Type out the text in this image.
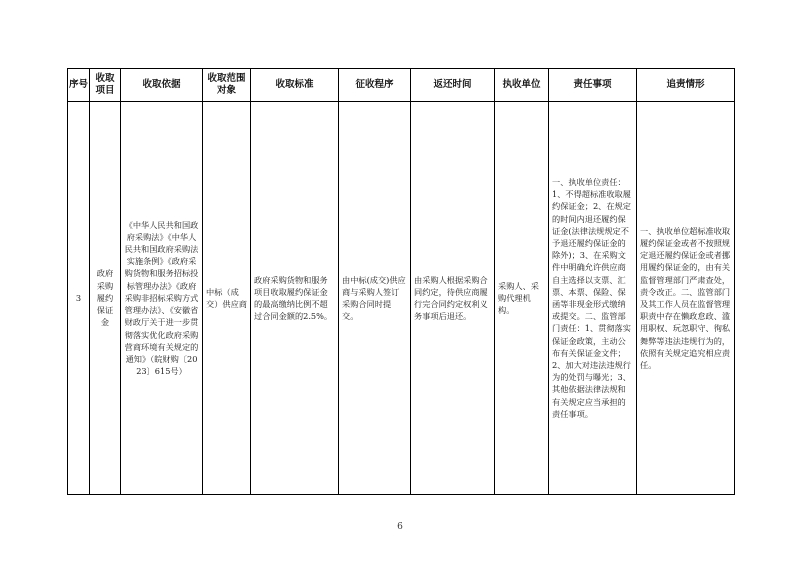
序号	收取项目	收取依据	收取范围对象	收取标准	征收程序	返还时间	执收单位	责任事项	追责情形
3	政府采购履约保证金	《中华人民共和国政府采购法》《中华人民共和国政府采购法实施条例》《政府采购货物和服务招标投标管理办法》《政府采购非招标采购方式管理办法》、《安徽省财政厅关于进一步贯彻落实优化政府采购营商环境有关规定的通知》（皖财购〔2023〕615号）	中标（成交）供应商	政府采购货物和服务项目收取履约保证金的最高缴纳比例不超过合同金额的2.5%。	由中标(成交)供应商与采购人签订采购合同时提交。	由采购人根据采购合同约定，待供应商履行完合同约定权利义务事项后退还。	采购人、采购代理机构。	一、执收单位责任：1、不得超标准收取履约保证金；2、在规定的时间内退还履约保证金(法律法规规定不予退还履约保证金的除外)；3、在采购文件中明确允许供应商自主选择以支票、汇票、本票、保险、保函等非现金形式缴纳或提交。二、监管部门责任：1、贯彻落实保证金政策，主动公布有关保证金文件；2、加大对违法违规行为的处罚与曝光；3、其他依据法律法规和有关规定应当承担的责任事项。	一、执收单位超标准收取履约保证金或者不按照规定退还履约保证金或者挪用履约保证金的，由有关监督管理部门严肃查处，责令改正。二、监管部门及其工作人员在监督管理职责中存在懒政怠政、滥用职权、玩忽职守、徇私舞弊等违法违规行为的，依照有关规定追究相应责任。
6
